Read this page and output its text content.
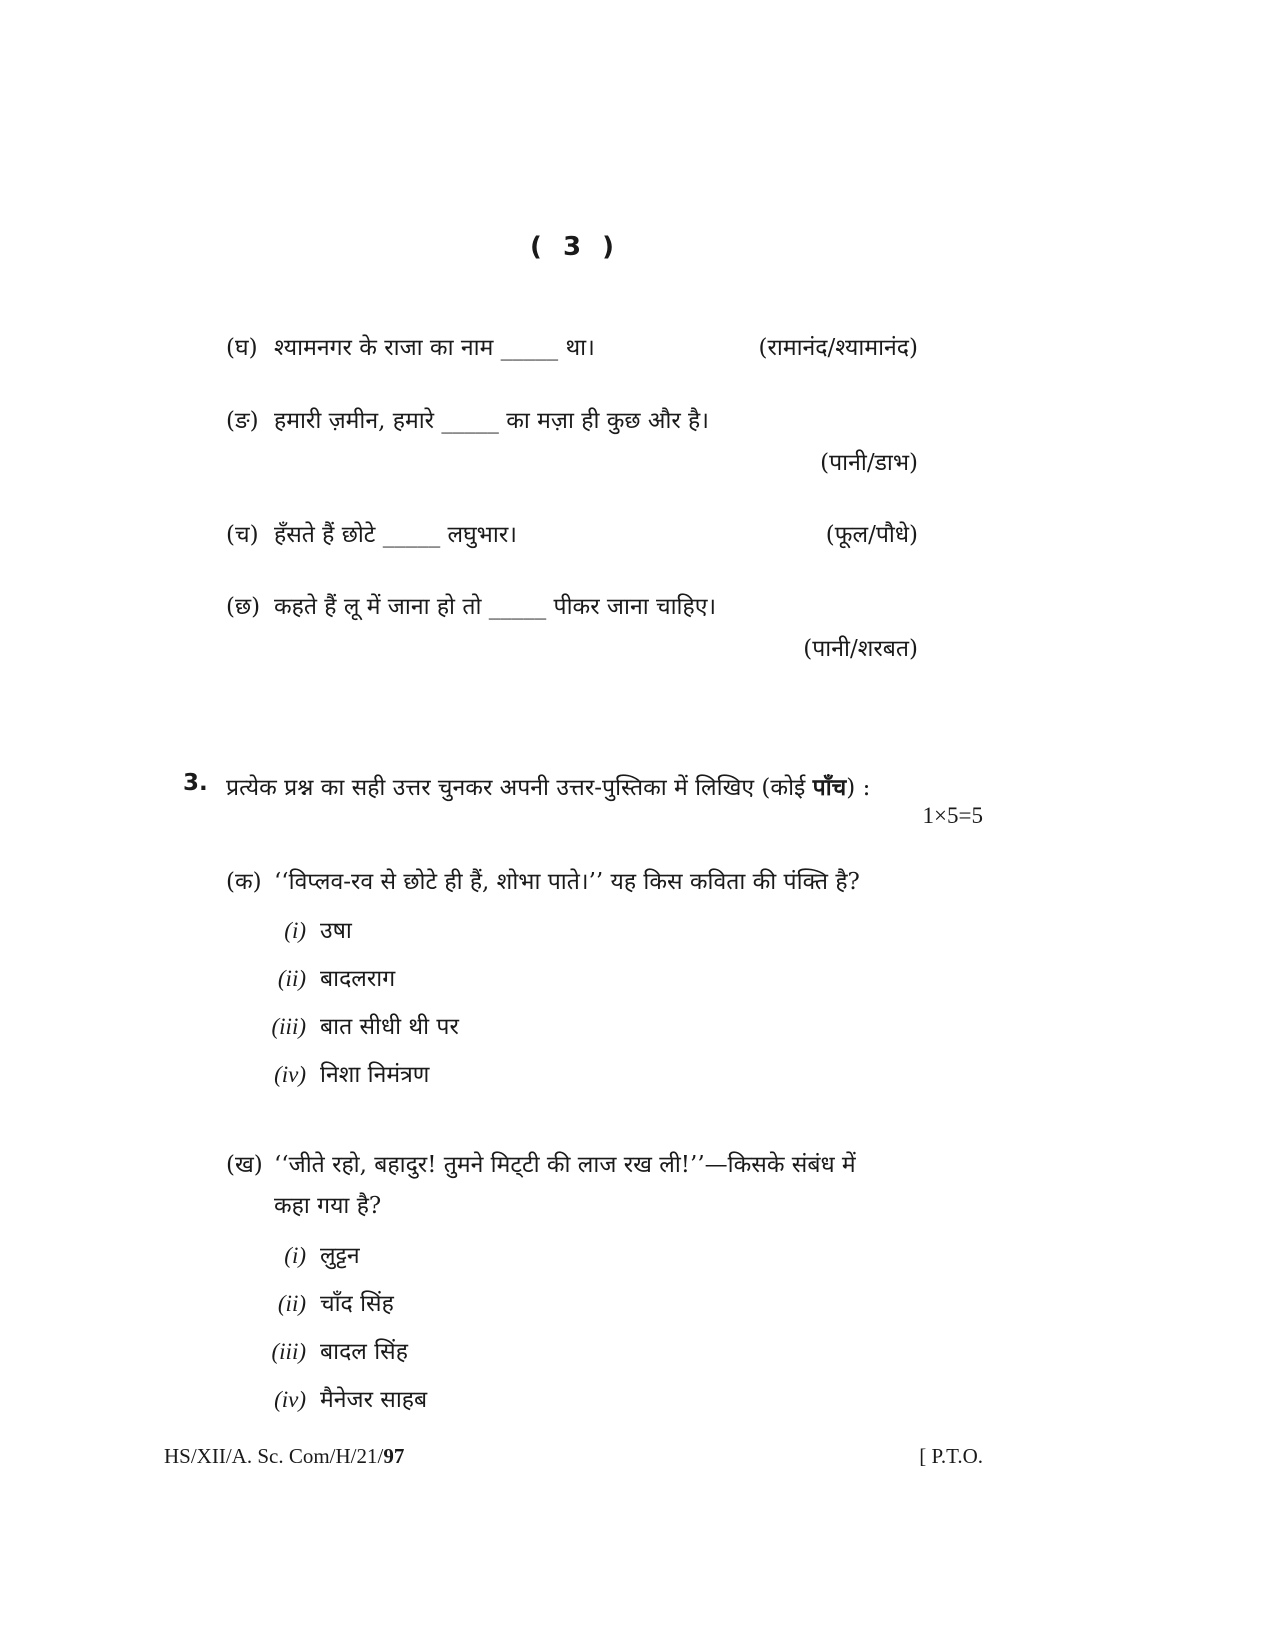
( 3 )
(घ) श्यामनगर के राजा का नाम _____ था।	(रामानंद/श्यामानंद)
(ङ) हमारी ज़मीन, हमारे _____ का मज़ा ही कुछ और है।
(पानी/डाभ)
(च) हँसते हैं छोटे _____ लघुभार।	(फूल/पौधे)
(छ) कहते हैं लू में जाना हो तो _____ पीकर जाना चाहिए।
(पानी/शरबत)
3. प्रत्येक प्रश्न का सही उत्तर चुनकर अपनी उत्तर-पुस्तिका में लिखिए (कोई पाँच) :
1×5=5
(क) ‘‘विप्लव-रव से छोटे ही हैं, शोभा पाते।’’ यह किस कविता की पंक्ति है?
(i) उषा
(ii) बादलराग
(iii) बात सीधी थी पर
(iv) निशा निमंत्रण
(ख) ‘‘जीते रहो, बहादुर! तुमने मिट्‌टी की लाज रख ली!’’—किसके संबंध में
कहा गया है?
(i) लुट्टन
(ii) चाँद सिंह
(iii) बादल सिंह
(iv) मैनेजर साहब
HS/XII/A. Sc. Com/H/21/97	[ P.T.O.
